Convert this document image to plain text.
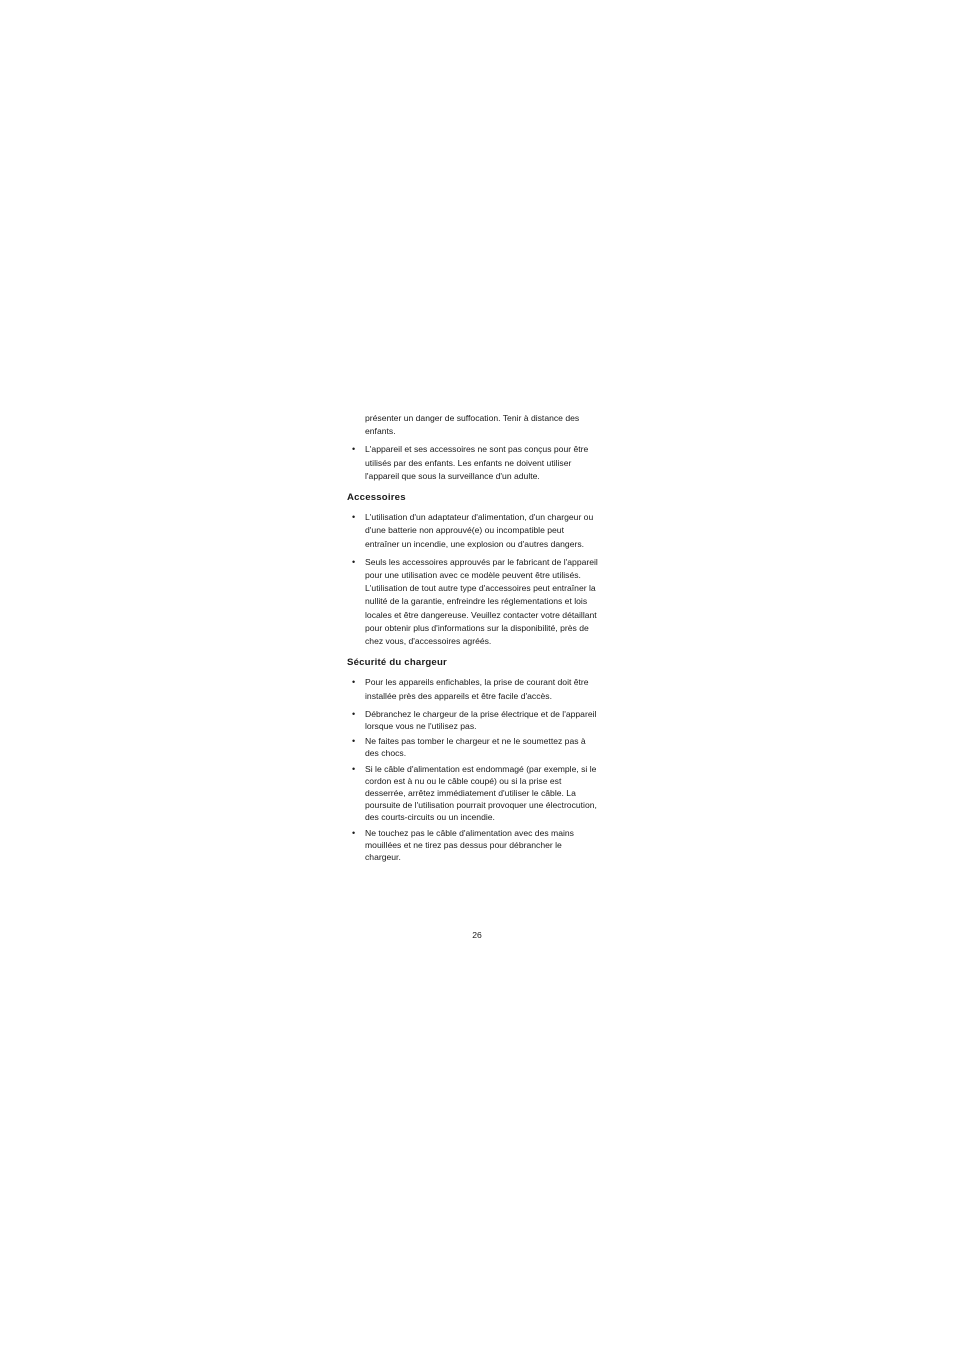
présenter un danger de suffocation. Tenir à distance des enfants.

• L'appareil et ses accessoires ne sont pas conçus pour être utilisés par des enfants. Les enfants ne doivent utiliser l'appareil que sous la surveillance d'un adulte.
Accessoires
• L'utilisation d'un adaptateur d'alimentation, d'un chargeur ou d'une batterie non approuvé(e) ou incompatible peut entraîner un incendie, une explosion ou d'autres dangers.
• Seuls les accessoires approuvés par le fabricant de l'appareil pour une utilisation avec ce modèle peuvent être utilisés. L'utilisation de tout autre type d'accessoires peut entraîner la nullité de la garantie, enfreindre les réglementations et lois locales et être dangereuse. Veuillez contacter votre détaillant pour obtenir plus d'informations sur la disponibilité, près de chez vous, d'accessoires agréés.
Sécurité du chargeur
• Pour les appareils enfichables, la prise de courant doit être installée près des appareils et être facile d'accès.
• Débranchez le chargeur de la prise électrique et de l'appareil lorsque vous ne l'utilisez pas.
• Ne faites pas tomber le chargeur et ne le soumettez pas à des chocs.
• Si le câble d'alimentation est endommagé (par exemple, si le cordon est à nu ou le câble coupé) ou si la prise est desserrée, arrêtez immédiatement d'utiliser le câble. La poursuite de l'utilisation pourrait provoquer une électrocution, des courts-circuits ou un incendie.
• Ne touchez pas le câble d'alimentation avec des mains mouillées et ne tirez pas dessus pour débrancher le chargeur.
26
